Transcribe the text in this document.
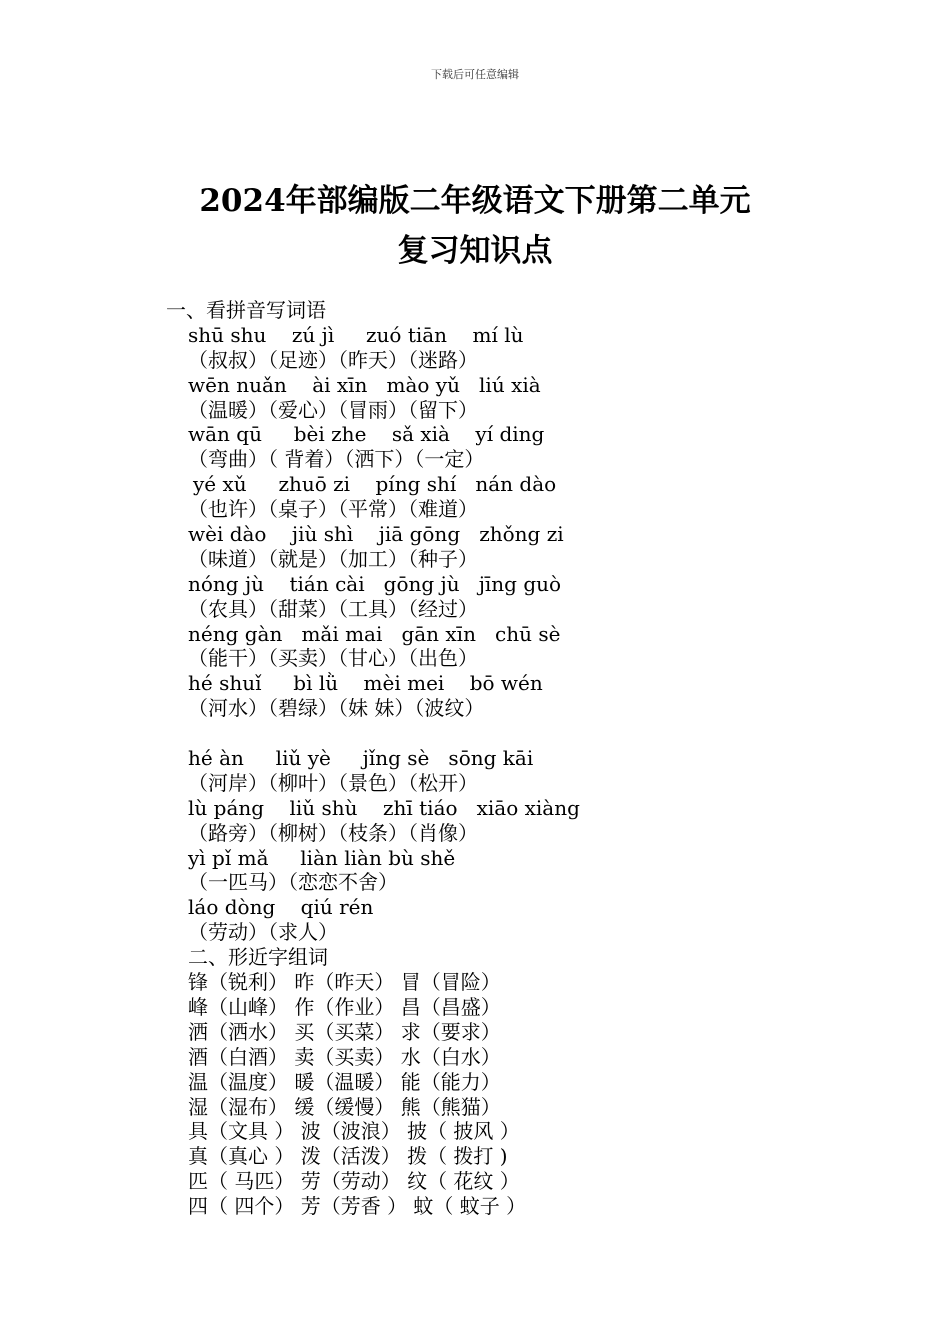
下载后可任意编辑
2024年部编版二年级语文下册第二单元
复习知识点
一、看拼音写词语
shū shu    zú jì     zuó tiān    mí lù
（叔叔）（足迹）（昨天）（迷路）
wēn nuǎn    ài xīn   mào yǔ   liú xià
（温暖）（爱心）（冒雨）（留下）
wān qū     bèi zhe    sǎ xià    yí ding
（弯曲）（ 背着）（洒下）（一定）
yé xǔ     zhuō zi    píng shí   nán dào
（也许）（桌子）（平常）（难道）
wèi dào    jiù shì    jiā gōng   zhǒng zi
（味道）（就是）（加工）（种子）
nóng jù    tián cài   gōng jù   jīng guò
（农具）（甜菜）（工具）（经过）
néng gàn   mǎi mai   gān xīn   chū sè
（能干）（买卖）（甘心）（出色）
hé shuǐ     bì lǜ    mèi mei    bō wén
（河水）（碧绿）（妹 妹）（波纹）
hé àn     liǔ yè     jǐng sè   sōng kāi
（河岸）（柳叶）（景色）（松开）
lù páng    liǔ shù    zhī tiáo   xiāo xiàng
（路旁）（柳树）（枝条）（肖像）
yì pǐ mǎ     liàn liàn bù shě
（一匹马）（恋恋不舍）
láo dòng    qiú rén
（劳动）（求人）
二、形近字组词
锋（锐利） 昨（昨天） 冒（冒险）
峰（山峰） 作（作业） 昌（昌盛）
洒（洒水） 买（买菜） 求（要求）
酒（白酒） 卖（买卖） 水（白水）
温（温度） 暖（温暖） 能（能力）
湿（湿布） 缓（缓慢） 熊（熊猫）
具（文具 ） 波（波浪） 披（ 披风 ）
真（真心 ） 泼（活泼） 拨（ 拨打 )
匹（ 马匹） 劳（劳动） 纹（ 花纹 ）
四（ 四个） 芳（芳香 ） 蚊（ 蚊子 ）
